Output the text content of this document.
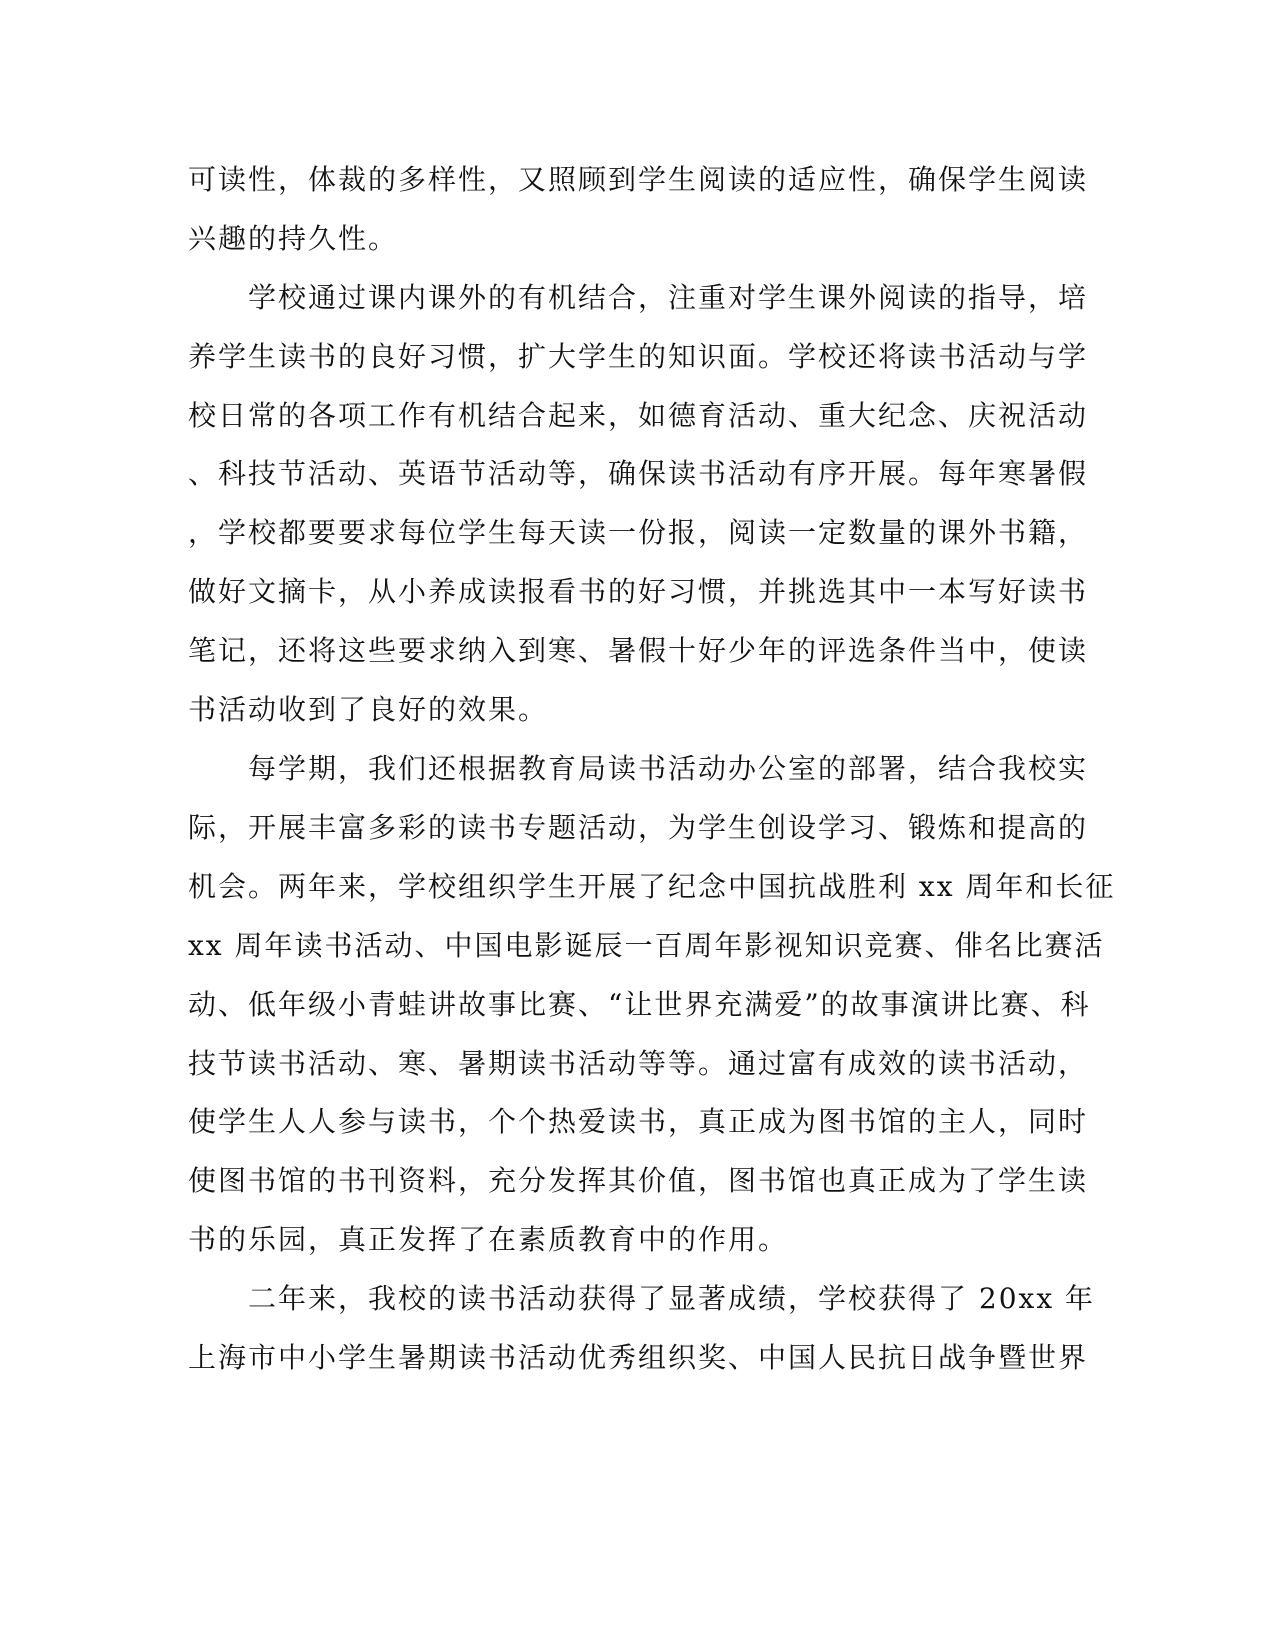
可读性，体裁的多样性，又照顾到学生阅读的适应性，确保学生阅读
兴趣的持久性。
学校通过课内课外的有机结合，注重对学生课外阅读的指导，培
养学生读书的良好习惯，扩大学生的知识面。学校还将读书活动与学
校日常的各项工作有机结合起来，如德育活动、重大纪念、庆祝活动
、科技节活动、英语节活动等，确保读书活动有序开展。每年寒暑假
，学校都要要求每位学生每天读一份报，阅读一定数量的课外书籍，
做好文摘卡，从小养成读报看书的好习惯，并挑选其中一本写好读书
笔记，还将这些要求纳入到寒、暑假十好少年的评选条件当中，使读
书活动收到了良好的效果。
每学期，我们还根据教育局读书活动办公室的部署，结合我校实
际，开展丰富多彩的读书专题活动，为学生创设学习、锻炼和提高的
机会。两年来，学校组织学生开展了纪念中国抗战胜利 xx 周年和长征
xx 周年读书活动、中国电影诞辰一百周年影视知识竞赛、俳名比赛活
动、低年级小青蛙讲故事比赛、“让世界充满爱”的故事演讲比赛、科
技节读书活动、寒、暑期读书活动等等。通过富有成效的读书活动，
使学生人人参与读书，个个热爱读书，真正成为图书馆的主人，同时
使图书馆的书刊资料，充分发挥其价值，图书馆也真正成为了学生读
书的乐园，真正发挥了在素质教育中的作用。
二年来，我校的读书活动获得了显著成绩，学校获得了 20xx 年
上海市中小学生暑期读书活动优秀组织奖、中国人民抗日战争暨世界
